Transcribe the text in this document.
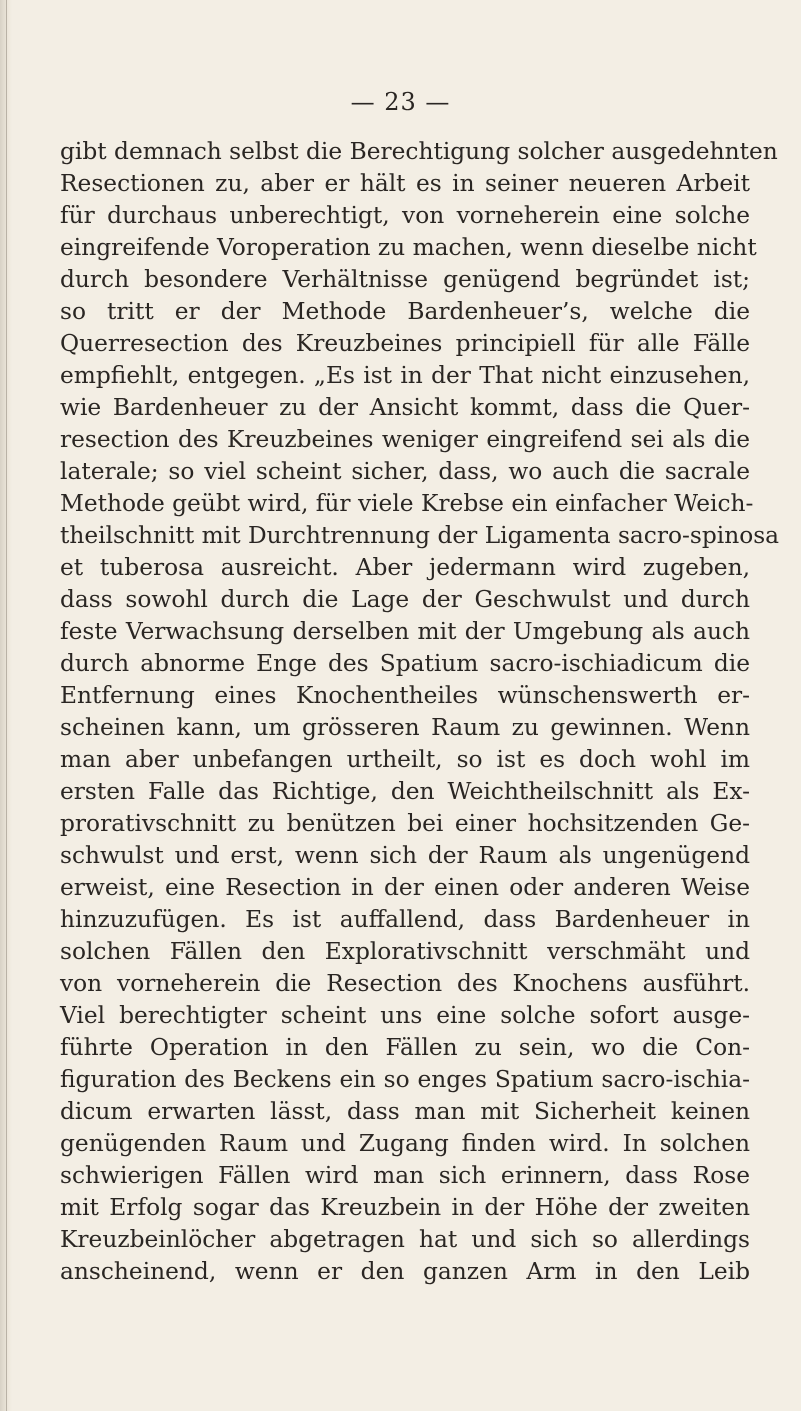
— 23 —
gibt demnach selbst die Berechtigung solcher ausgedehnten
Resectionen zu, aber er hält es in seiner neueren Arbeit
für durchaus unberechtigt, von vorneherein eine solche
eingreifende Voroperation zu machen, wenn dieselbe nicht
durch besondere Verhältnisse genügend begründet ist;
so tritt er der Methode Bardenheuer’s, welche die
Querresection des Kreuzbeines principiell für alle Fälle
empfiehlt, entgegen. „Es ist in der That nicht einzusehen,
wie Bardenheuer zu der Ansicht kommt, dass die Quer-
resection des Kreuzbeines weniger eingreifend sei als die
laterale; so viel scheint sicher, dass, wo auch die sacrale
Methode geübt wird, für viele Krebse ein einfacher Weich-
theilschnitt mit Durchtrennung der Ligamenta sacro-spinosa
et tuberosa ausreicht. Aber jedermann wird zugeben,
dass sowohl durch die Lage der Geschwulst und durch
feste Verwachsung derselben mit der Umgebung als auch
durch abnorme Enge des Spatium sacro-ischiadicum die
Entfernung eines Knochentheiles wünschenswerth er-
scheinen kann, um grösseren Raum zu gewinnen. Wenn
man aber unbefangen urtheilt, so ist es doch wohl im
ersten Falle das Richtige, den Weichtheilschnitt als Ex-
prorativschnitt zu benützen bei einer hochsitzenden Ge-
schwulst und erst, wenn sich der Raum als ungenügend
erweist, eine Resection in der einen oder anderen Weise
hinzuzufügen. Es ist auffallend, dass Bardenheuer in
solchen Fällen den Explorativschnitt verschmäht und
von vorneherein die Resection des Knochens ausführt.
Viel berechtigter scheint uns eine solche sofort ausge-
führte Operation in den Fällen zu sein, wo die Con-
figuration des Beckens ein so enges Spatium sacro-ischia-
dicum erwarten lässt, dass man mit Sicherheit keinen
genügenden Raum und Zugang finden wird. In solchen
schwierigen Fällen wird man sich erinnern, dass Rose
mit Erfolg sogar das Kreuzbein in der Höhe der zweiten
Kreuzbeinlöcher abgetragen hat und sich so allerdings
anscheinend, wenn er den ganzen Arm in den Leib
